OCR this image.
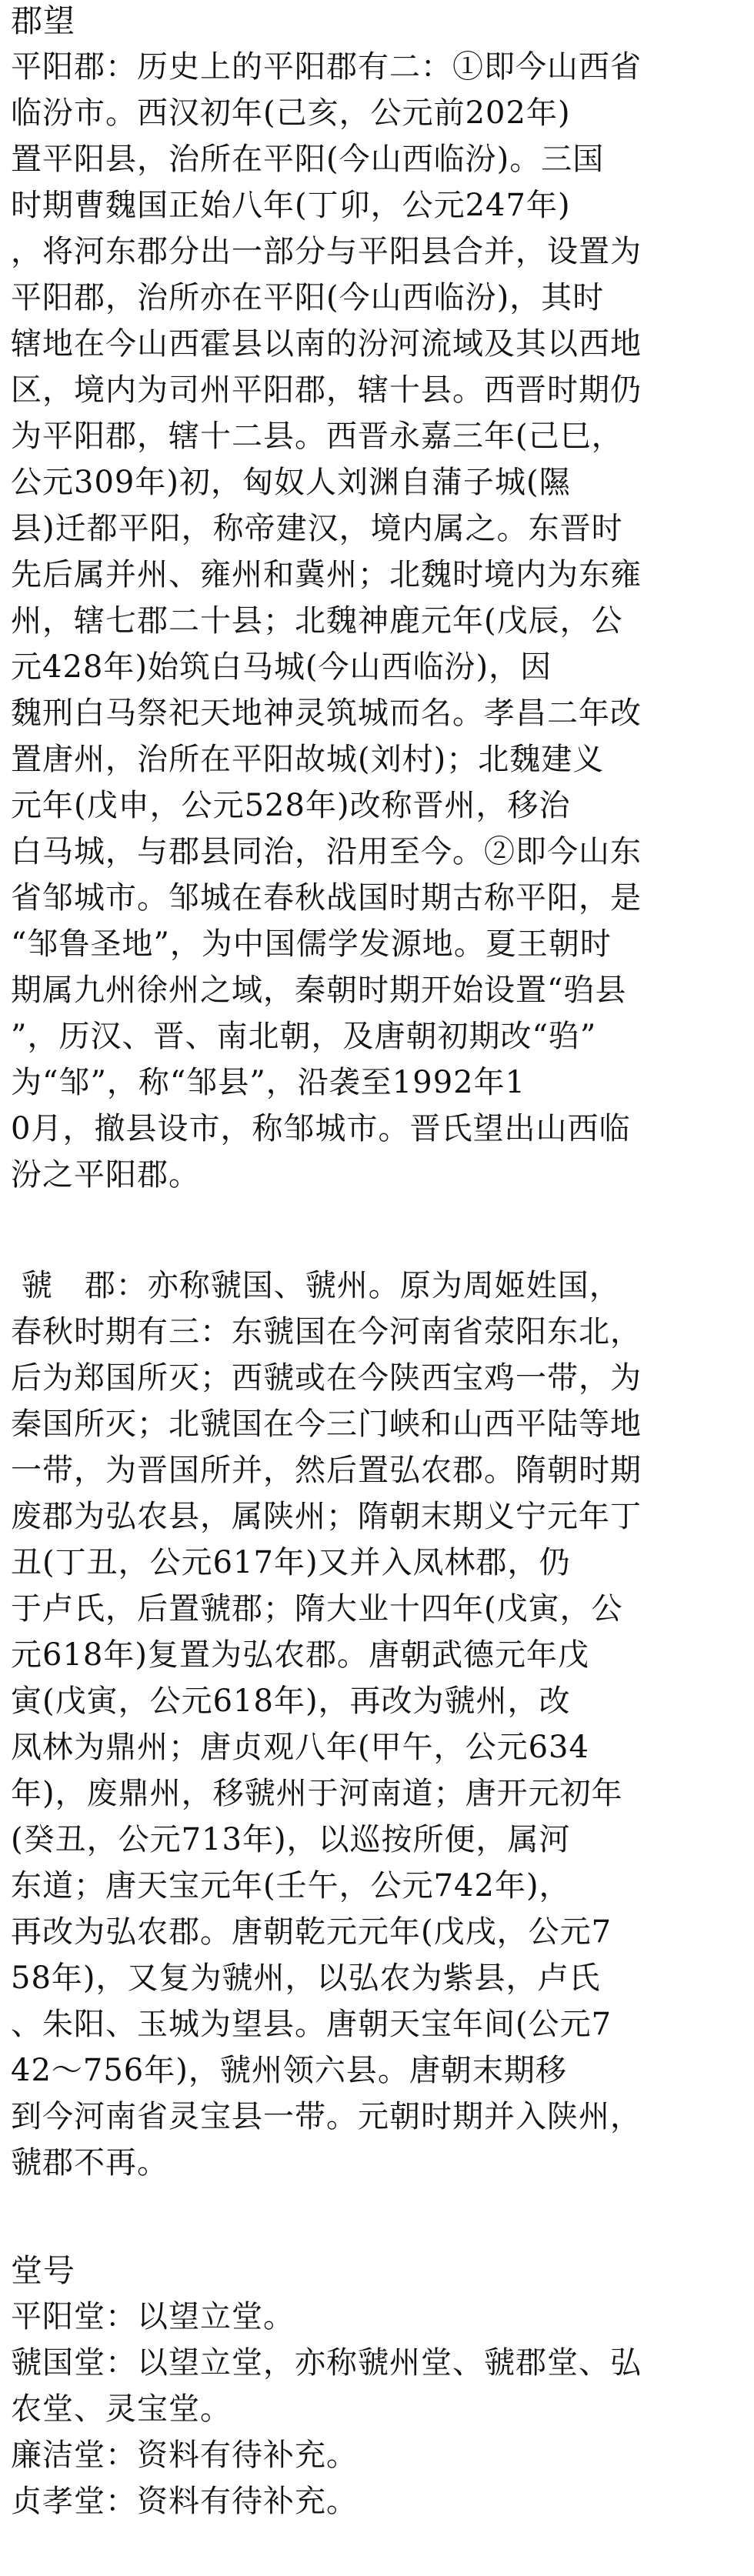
郡望
平阳郡：历史上的平阳郡有二：①即今山西省
临汾市。西汉初年(己亥，公元前202年)
置平阳县，治所在平阳(今山西临汾)。三国
时期曹魏国正始八年(丁卯，公元247年)
，将河东郡分出一部分与平阳县合并，设置为
平阳郡，治所亦在平阳(今山西临汾)，其时
辖地在今山西霍县以南的汾河流域及其以西地
区，境内为司州平阳郡，辖十县。西晋时期仍
为平阳郡，辖十二县。西晋永嘉三年(己巳，
公元309年)初，匈奴人刘渊自蒲子城(隰
县)迁都平阳，称帝建汉，境内属之。东晋时
先后属并州、雍州和冀州；北魏时境内为东雍
州，辖七郡二十县；北魏神鹿元年(戊辰，公
元428年)始筑白马城(今山西临汾)，因
魏刑白马祭祀天地神灵筑城而名。孝昌二年改
置唐州，治所在平阳故城(刘村)；北魏建义
元年(戊申，公元528年)改称晋州，移治
白马城，与郡县同治，沿用至今。②即今山东
省邹城市。邹城在春秋战国时期古称平阳，是
“邹鲁圣地”，为中国儒学发源地。夏王朝时
期属九州徐州之域，秦朝时期开始设置“驺县
”，历汉、晋、南北朝，及唐朝初期改“驺”
为“邹”，称“邹县”，沿袭至1992年1
0月，撤县设市，称邹城市。晋氏望出山西临
汾之平阳郡。
虢　郡：亦称虢国、虢州。原为周姬姓国，
春秋时期有三：东虢国在今河南省荥阳东北，
后为郑国所灭；西虢或在今陕西宝鸡一带，为
秦国所灭；北虢国在今三门峡和山西平陆等地
一带，为晋国所并，然后置弘农郡。隋朝时期
废郡为弘农县，属陕州；隋朝末期义宁元年丁
丑(丁丑，公元617年)又并入凤林郡，仍
于卢氏，后置虢郡；隋大业十四年(戊寅，公
元618年)复置为弘农郡。唐朝武德元年戊
寅(戊寅，公元618年)，再改为虢州，改
凤林为鼎州；唐贞观八年(甲午，公元634
年)，废鼎州，移虢州于河南道；唐开元初年
(癸丑，公元713年)，以巡按所便，属河
东道；唐天宝元年(壬午，公元742年)，
再改为弘农郡。唐朝乾元元年(戊戌，公元7
58年)，又复为虢州，以弘农为紫县，卢氏
、朱阳、玉城为望县。唐朝天宝年间(公元7
42～756年)，虢州领六县。唐朝末期移
到今河南省灵宝县一带。元朝时期并入陕州，
虢郡不再。
堂号
平阳堂：以望立堂。
虢国堂：以望立堂，亦称虢州堂、虢郡堂、弘
农堂、灵宝堂。
廉洁堂：资料有待补充。
贞孝堂：资料有待补充。
